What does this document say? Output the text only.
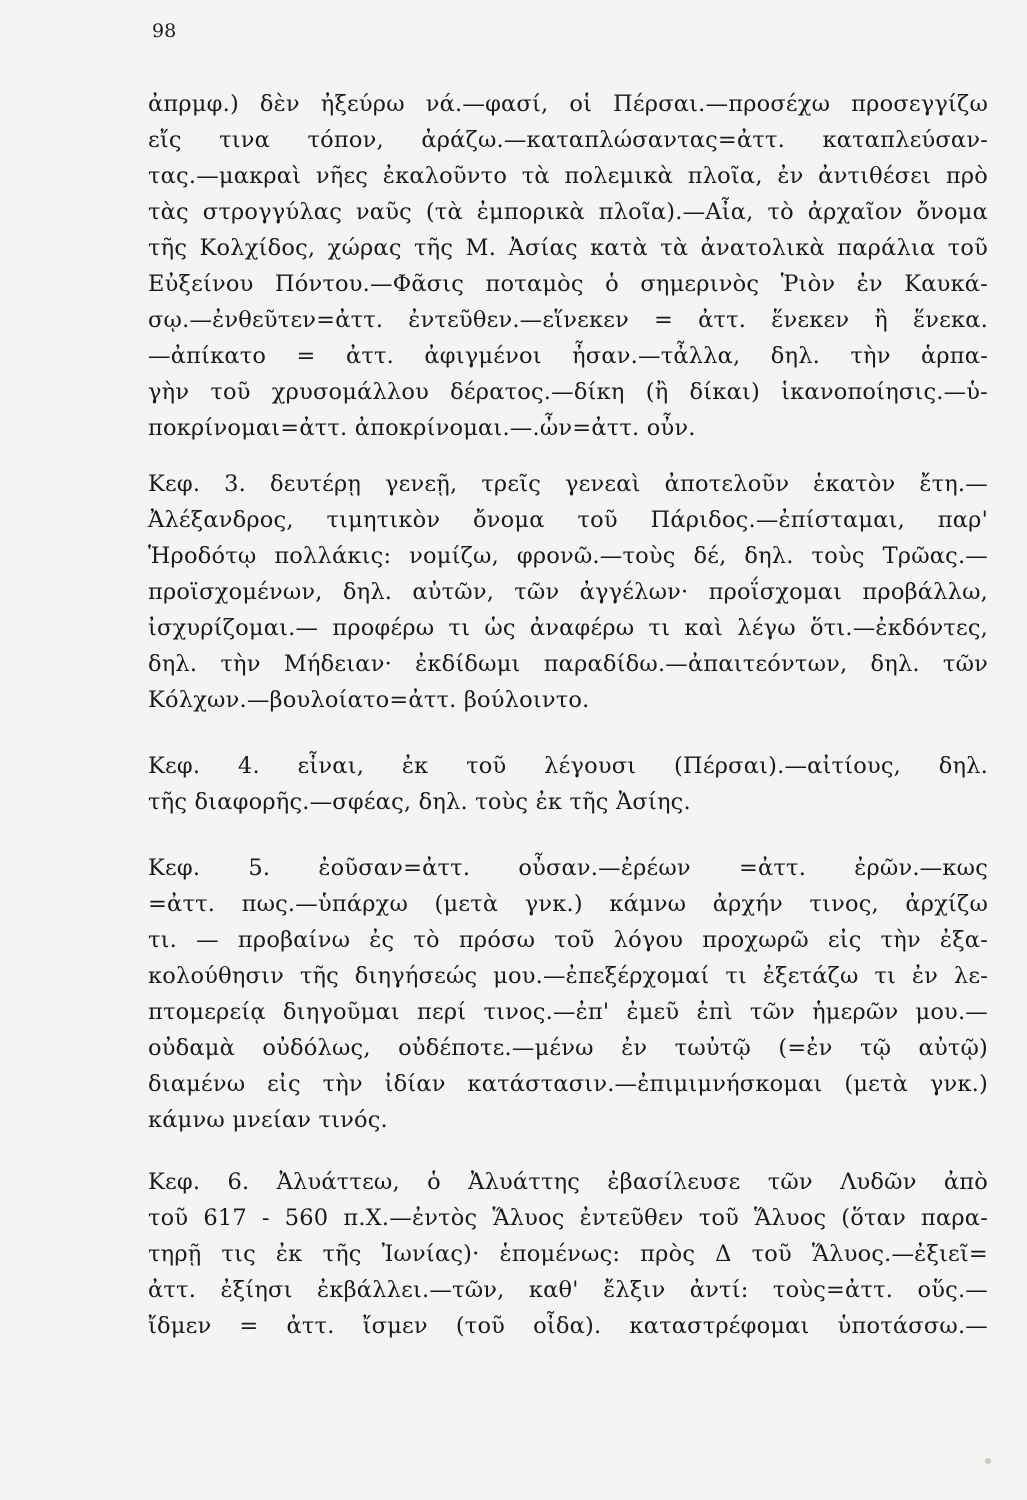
98
ἀπρμφ.) δὲν ἠξεύρω νά.—φασί, οἱ Πέρσαι.—προσέχω προσεγγίζω
εἴς τινα τόπον, ἀράζω.—καταπλώσαντας=ἀττ. καταπλεύσαν-
τας.—μακραὶ νῆες ἐκαλοῦντο τὰ πολεμικὰ πλοῖα, ἐν ἀντιθέσει πρὸ
τὰς στρογγύλας ναῦς (τὰ ἐμπορικὰ πλοῖα).—Αἶα, τὸ ἀρχαῖον ὄνομα
τῆς Κολχίδος, χώρας τῆς Μ. Ἀσίας κατὰ τὰ ἀνατολικὰ παράλια τοῦ
Εὐξείνου Πόντου.—Φᾶσις ποταμὸς ὁ σημερινὸς Ῥιὸν ἐν Καυκά-
σῳ.—ἐνθεῦτεν=ἀττ. ἐντεῦθεν.—εἵνεκεν = ἀττ. ἕνεκεν ἢ ἕνεκα.
—ἀπίκατο = ἀττ. ἀφιγμένοι ἦσαν.—τἆλλα, δηλ. τὴν ἁρπα-
γὴν τοῦ χρυσομάλλου δέρατος.—δίκη (ἢ δίκαι) ἱκανοποίησις.—ὑ-
ποκρίνομαι=ἀττ. ἀποκρίνομαι.—.ὦν=ἀττ. οὖν.
Κεφ. 3. δευτέρῃ γενεῇ, τρεῖς γενεαὶ ἀποτελοῦν ἑκατὸν ἔτη.—
Ἀλέξανδρος, τιμητικὸν ὄνομα τοῦ Πάριδος.—ἐπίσταμαι, παρ'
Ἡροδότῳ πολλάκις: νομίζω, φρονῶ.—τοὺς δέ, δηλ. τοὺς Τρῶας.—
προϊσχομένων, δηλ. αὐτῶν, τῶν ἀγγέλων· προΐσχομαι προβάλλω,
ἰσχυρίζομαι.— προφέρω τι ὡς ἀναφέρω τι καὶ λέγω ὅτι.—ἐκδόντες,
δηλ. τὴν Μήδειαν· ἐκδίδωμι παραδίδω.—ἀπαιτεόντων, δηλ. τῶν
Κόλχων.—βουλοίατο=ἀττ. βούλοιντο.
Κεφ. 4. εἶναι, ἐκ τοῦ λέγουσι (Πέρσαι).—αἰτίους, δηλ.
τῆς διαφορῆς.—σφέας, δηλ. τοὺς ἐκ τῆς Ἀσίης.
Κεφ. 5. ἐοῦσαν=ἀττ. οὖσαν.—ἐρέων =ἀττ. ἐρῶν.—κως
=ἀττ. πως.—ὑπάρχω (μετὰ γνκ.) κάμνω ἀρχήν τινος, ἀρχίζω
τι. — προβαίνω ἐς τὸ πρόσω τοῦ λόγου προχωρῶ εἰς τὴν ἐξα-
κολούθησιν τῆς διηγήσεώς μου.—ἐπεξέρχομαί τι ἐξετάζω τι ἐν λε-
πτομερείᾳ διηγοῦμαι περί τινος.—ἐπ' ἐμεῦ ἐπὶ τῶν ἡμερῶν μου.—
οὐδαμὰ οὐδόλως, οὐδέποτε.—μένω ἐν τωὐτῷ (=ἐν τῷ αὐτῷ)
διαμένω εἰς τὴν ἰδίαν κατάστασιν.—ἐπιμιμνήσκομαι (μετὰ γνκ.)
κάμνω μνείαν τινός.
Κεφ. 6. Ἀλυάττεω, ὁ Ἀλυάττης ἐβασίλευσε τῶν Λυδῶν ἀπὸ
τοῦ 617 - 560 π.Χ.—ἐντὸς Ἅλυος ἐντεῦθεν τοῦ Ἅλυος (ὅταν παρα-
τηρῇ τις ἐκ τῆς Ἰωνίας)· ἑπομένως: πρὸς Δ τοῦ Ἅλυος.—ἐξιεῖ=
ἀττ. ἐξίησι ἐκβάλλει.—τῶν, καθ' ἔλξιν ἀντί: τοὺς=ἀττ. οὕς.—
ἴδμεν = ἀττ. ἴσμεν (τοῦ οἶδα). καταστρέφομαι ὑποτάσσω.—
